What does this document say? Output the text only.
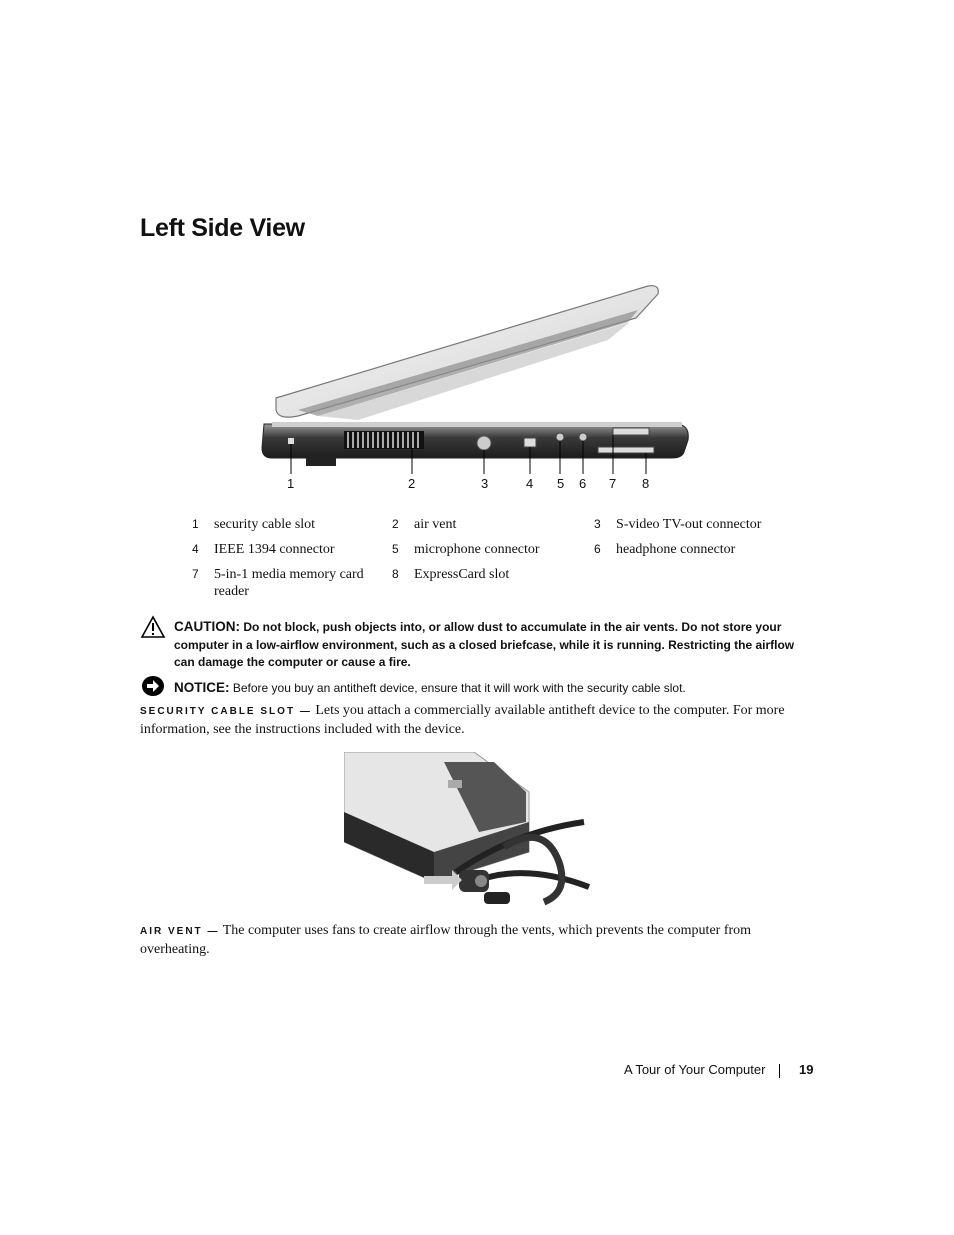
Left Side View
1	2	3	4 5 6 7 8
1	security cable slot	2	air vent	3	S-video TV-out connector
4	IEEE 1394 connector	5	microphone connector	6	headphone connector
7	5-in-1 media memory card reader	8	ExpressCard slot		
CAUTION: Do not block, push objects into, or allow dust to accumulate in the air vents. Do not store your computer in a low-airflow environment, such as a closed briefcase, while it is running. Restricting the airflow can damage the computer or cause a fire.
NOTICE: Before you buy an antitheft device, ensure that it will work with the security cable slot.
SECURITY CABLE SLOT — Lets you attach a commercially available antitheft device to the computer. For more information, see the instructions included with the device.
AIR VENT — The computer uses fans to create airflow through the vents, which prevents the computer from overheating.
A Tour of Your Computer	19
